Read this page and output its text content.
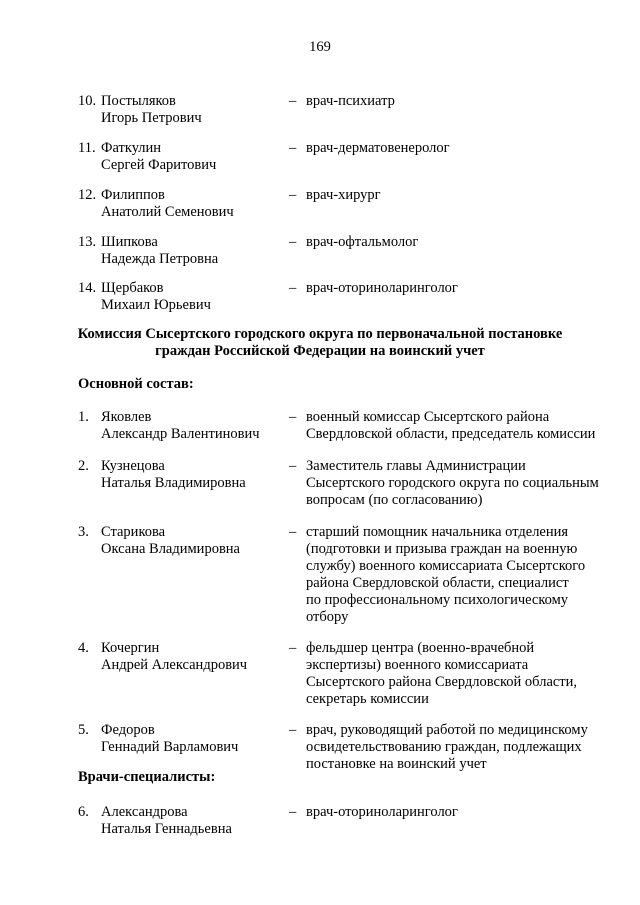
169
10. Постыляков
Игорь Петрович
– врач-психиатр
11. Фаткулин
Сергей Фаритович
– врач-дерматовенеролог
12. Филиппов
Анатолий Семенович
– врач-хирург
13. Шипкова
Надежда Петровна
– врач-офтальмолог
14. Щербаков
Михаил Юрьевич
– врач-оториноларинголог
Комиссия Сысертского городского округа по первоначальной постановке
граждан Российской Федерации на воинский учет
Основной состав:
1. Яковлев
Александр Валентинович
– военный комиссар Сысертского района
Свердловской области, председатель комиссии
2. Кузнецова
Наталья Владимировна
– Заместитель главы Администрации
Сысертского городского округа по социальным
вопросам (по согласованию)
3. Старикова
Оксана Владимировна
– старший помощник начальника отделения
(подготовки и призыва граждан на военную
службу) военного комиссариата Сысертского
района Свердловской области, специалист
по профессиональному психологическому
отбору
4. Кочергин
Андрей Александрович
– фельдшер центра (военно-врачебной
экспертизы) военного комиссариата
Сысертского района Свердловской области,
секретарь комиссии
5. Федоров
Геннадий Варламович
– врач, руководящий работой по медицинскому
освидетельствованию граждан, подлежащих
постановке на воинский учет
Врачи-специалисты:
6. Александрова
Наталья Геннадьевна
– врач-оториноларинголог
